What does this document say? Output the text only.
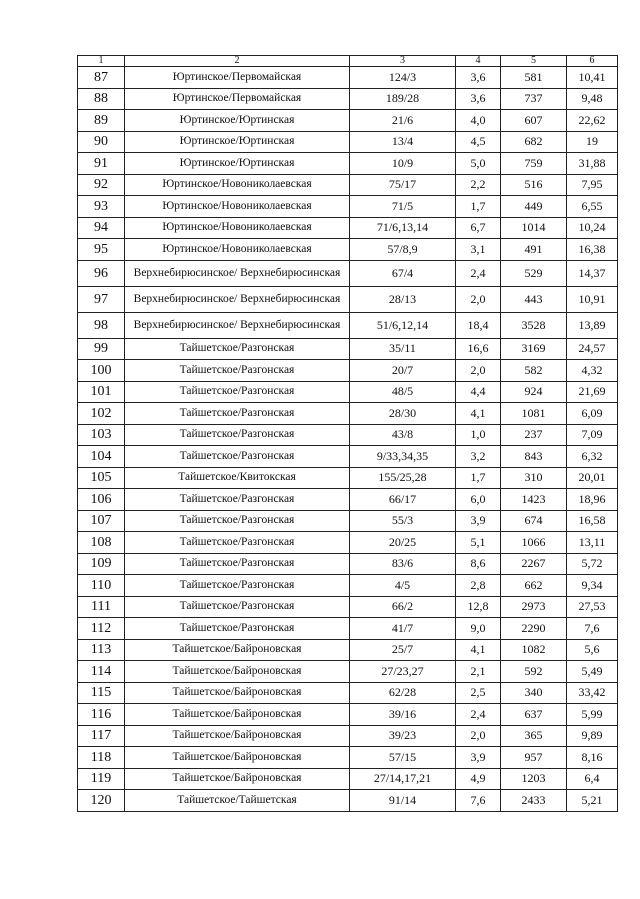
1	2	3	4	5	6
87	Юртинское/Первомайская	124/3	3,6	581	10,41
88	Юртинское/Первомайская	189/28	3,6	737	9,48
89	Юртинское/Юртинская	21/6	4,0	607	22,62
90	Юртинское/Юртинская	13/4	4,5	682	19
91	Юртинское/Юртинская	10/9	5,0	759	31,88
92	Юртинское/Новониколаевская	75/17	2,2	516	7,95
93	Юртинское/Новониколаевская	71/5	1,7	449	6,55
94	Юртинское/Новониколаевская	71/6,13,14	6,7	1014	10,24
95	Юртинское/Новониколаевская	57/8,9	3,1	491	16,38
96	Верхнебирюсинское/ Верхнебирюсинская	67/4	2,4	529	14,37
97	Верхнебирюсинское/ Верхнебирюсинская	28/13	2,0	443	10,91
98	Верхнебирюсинское/ Верхнебирюсинская	51/6,12,14	18,4	3528	13,89
99	Тайшетское/Разгонская	35/11	16,6	3169	24,57
100	Тайшетское/Разгонская	20/7	2,0	582	4,32
101	Тайшетское/Разгонская	48/5	4,4	924	21,69
102	Тайшетское/Разгонская	28/30	4,1	1081	6,09
103	Тайшетское/Разгонская	43/8	1,0	237	7,09
104	Тайшетское/Разгонская	9/33,34,35	3,2	843	6,32
105	Тайшетское/Квитокская	155/25,28	1,7	310	20,01
106	Тайшетское/Разгонская	66/17	6,0	1423	18,96
107	Тайшетское/Разгонская	55/3	3,9	674	16,58
108	Тайшетское/Разгонская	20/25	5,1	1066	13,11
109	Тайшетское/Разгонская	83/6	8,6	2267	5,72
110	Тайшетское/Разгонская	4/5	2,8	662	9,34
111	Тайшетское/Разгонская	66/2	12,8	2973	27,53
112	Тайшетское/Разгонская	41/7	9,0	2290	7,6
113	Тайшетское/Байроновская	25/7	4,1	1082	5,6
114	Тайшетское/Байроновская	27/23,27	2,1	592	5,49
115	Тайшетское/Байроновская	62/28	2,5	340	33,42
116	Тайшетское/Байроновская	39/16	2,4	637	5,99
117	Тайшетское/Байроновская	39/23	2,0	365	9,89
118	Тайшетское/Байроновская	57/15	3,9	957	8,16
119	Тайшетское/Байроновская	27/14,17,21	4,9	1203	6,4
120	Тайшетское/Тайшетская	91/14	7,6	2433	5,21
